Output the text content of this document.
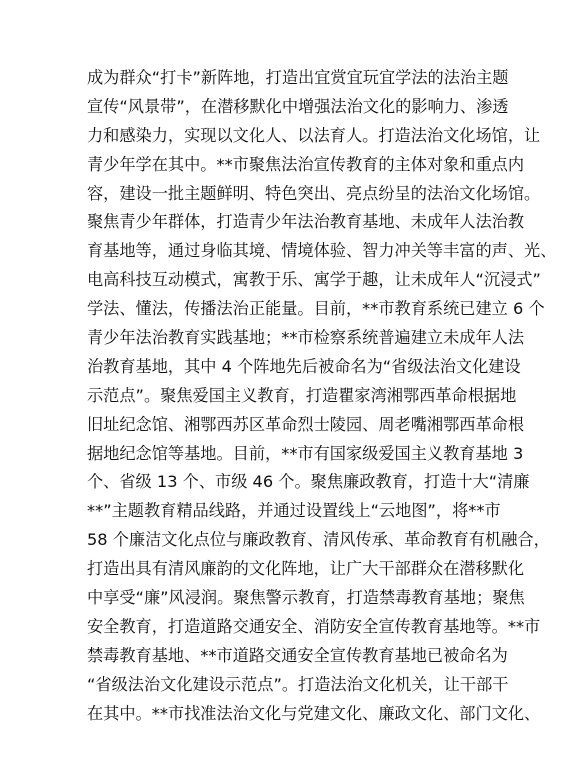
成为群众“打卡”新阵地，打造出宜赏宜玩宜学法的法治主题
宣传“风景带”，在潜移默化中增强法治文化的影响力、渗透
力和感染力，实现以文化人、以法育人。打造法治文化场馆，让
青少年学在其中。**市聚焦法治宣传教育的主体对象和重点内
容，建设一批主题鲜明、特色突出、亮点纷呈的法治文化场馆。
聚焦青少年群体，打造青少年法治教育基地、未成年人法治教
育基地等，通过身临其境、情境体验、智力冲关等丰富的声、光、
电高科技互动模式，寓教于乐、寓学于趣，让未成年人“沉浸式”
学法、懂法，传播法治正能量。目前，**市教育系统已建立 6 个
青少年法治教育实践基地；**市检察系统普遍建立未成年人法
治教育基地，其中 4 个阵地先后被命名为“省级法治文化建设
示范点”。聚焦爱国主义教育，打造瞿家湾湘鄂西革命根据地
旧址纪念馆、湘鄂西苏区革命烈士陵园、周老嘴湘鄂西革命根
据地纪念馆等基地。目前，**市有国家级爱国主义教育基地 3
个、省级 13 个、市级 46 个。聚焦廉政教育，打造十大“清廉
**”主题教育精品线路，并通过设置线上“云地图”，将**市
58 个廉洁文化点位与廉政教育、清风传承、革命教育有机融合，
打造出具有清风廉韵的文化阵地，让广大干部群众在潜移默化
中享受“廉”风浸润。聚焦警示教育，打造禁毒教育基地；聚焦
安全教育，打造道路交通安全、消防安全宣传教育基地等。**市
禁毒教育基地、**市道路交通安全宣传教育基地已被命名为
“省级法治文化建设示范点”。打造法治文化机关，让干部干
在其中。**市找准法治文化与党建文化、廉政文化、部门文化、
